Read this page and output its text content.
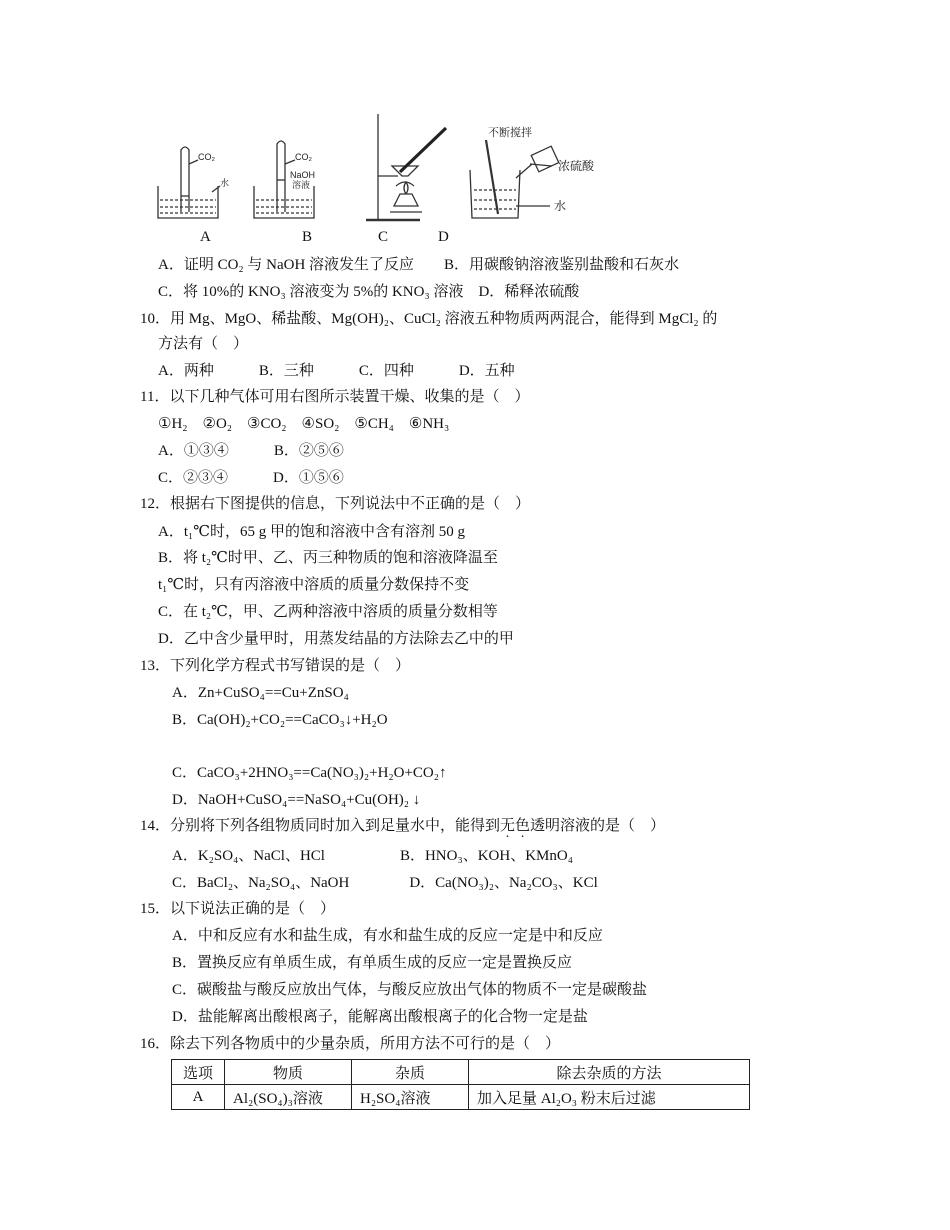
CO₂
水
CO₂
NaOH
溶液
不断搅拌
浓硫酸
水
A	B	C	D
A．证明 CO₂ 与 NaOH 溶液发生了反应　　B．用碳酸钠溶液鉴别盐酸和石灰水
C．将 10%的 KNO₃ 溶液变为 5%的 KNO₃ 溶液　D．稀释浓硫酸
10．用 Mg、MgO、稀盐酸、Mg(OH)₂、CuCl₂ 溶液五种物质两两混合，能得到 MgCl₂ 的
方法有（　）
A．两种　　　B．三种　　　C．四种　　　D．五种
11．以下几种气体可用右图所示装置干燥、收集的是（　）
①H₂　②O₂　③CO₂　④SO₂　⑤CH₄　⑥NH₃
A．①③④　　　B．②⑤⑥
C．②③④　　　D．①⑤⑥
12．根据右下图提供的信息，下列说法中不正确的是（　）
A．t₁℃时，65 g 甲的饱和溶液中含有溶剂 50 g
B．将 t₂℃时甲、乙、丙三种物质的饱和溶液降温至
t₁℃时，只有丙溶液中溶质的质量分数保持不变
C．在 t₂℃，甲、乙两种溶液中溶质的质量分数相等
D．乙中含少量甲时，用蒸发结晶的方法除去乙中的甲
13．下列化学方程式书写错误的是（　）
A．Zn+CuSO₄==Cu+ZnSO₄
B．Ca(OH)₂+CO₂==CaCO₃↓+H₂O
C．CaCO₃+2HNO₃==Ca(NO₃)₂+H₂O+CO₂↑
D．NaOH+CuSO₄==NaSO₄+Cu(OH)₂ ↓
14．分别将下列各组物质同时加入到足量水中，能得到无色透明溶液的是（　）
A．K₂SO₄、NaCl、HCl　　　　　B．HNO₃、KOH、KMnO₄
C．BaCl₂、Na₂SO₄、NaOH　　　　D．Ca(NO₃)₂、Na₂CO₃、KCl
15．以下说法正确的是（　）
A．中和反应有水和盐生成，有水和盐生成的反应一定是中和反应
B．置换反应有单质生成，有单质生成的反应一定是置换反应
C．碳酸盐与酸反应放出气体，与酸反应放出气体的物质不一定是碳酸盐
D．盐能解离出酸根离子，能解离出酸根离子的化合物一定是盐
16．除去下列各物质中的少量杂质，所用方法不可行的是（　）
选项	物质	杂质	除去杂质的方法
A	Al₂(SO₄)₃溶液	H₂SO₄溶液	加入足量 Al₂O₃ 粉末后过滤
